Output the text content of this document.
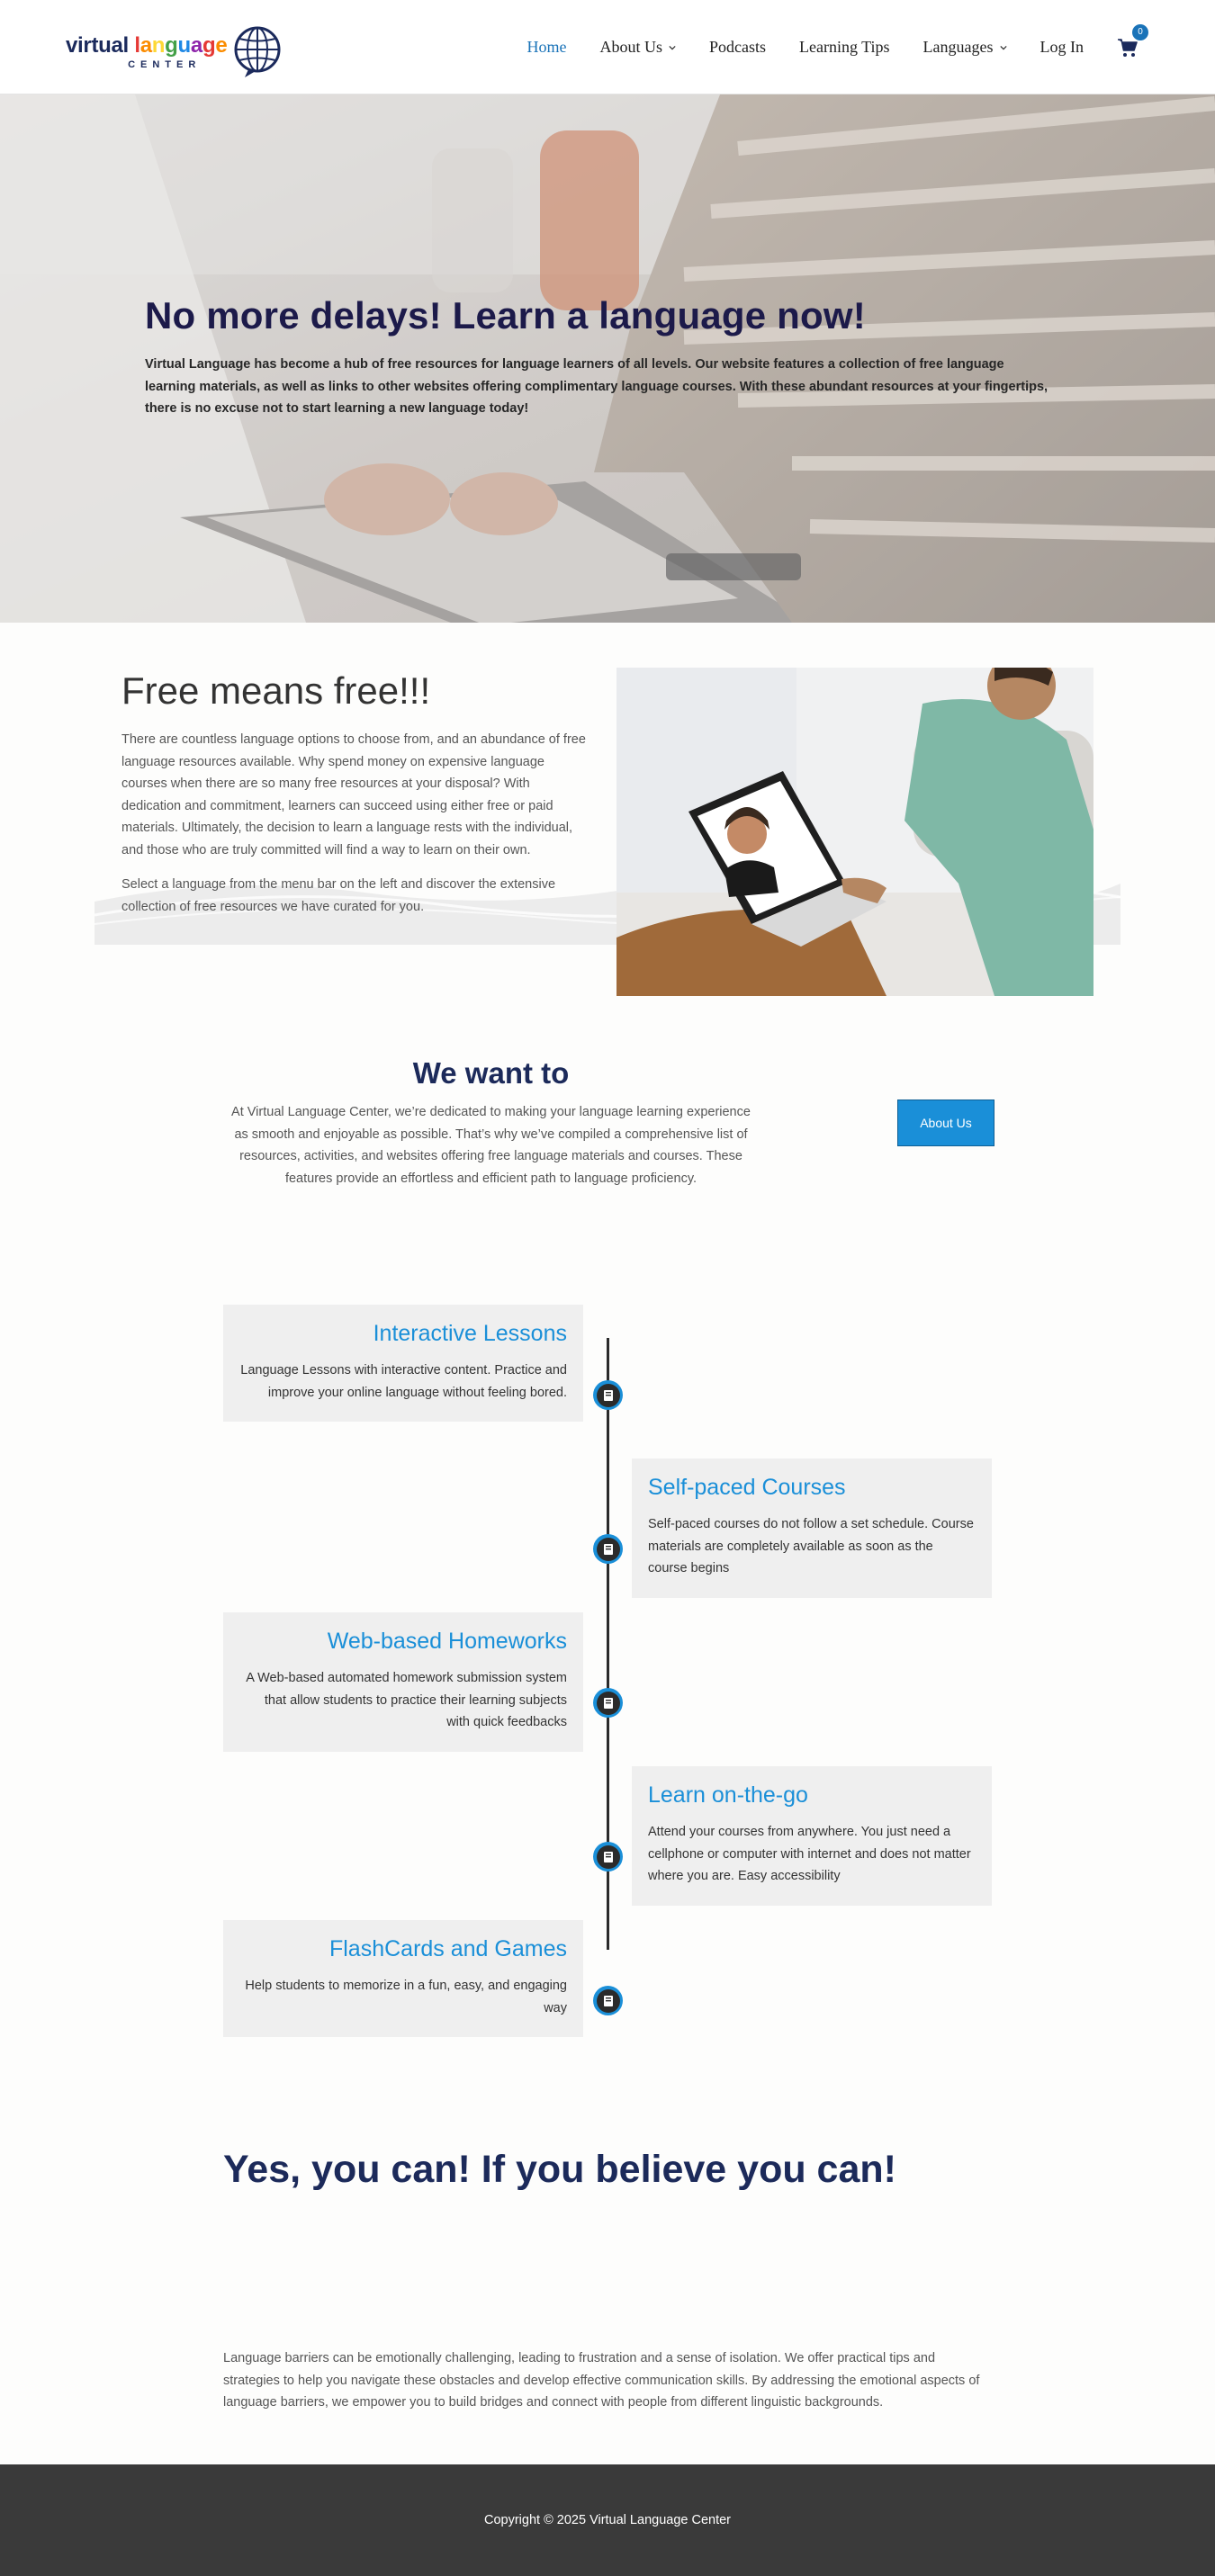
virtual language
CENTER
Home About Us	Podcasts Learning Tips Languages	Log In
0
No more delays! Learn a language now!

Virtual Language has become a hub of free resources for language learners of all levels. Our website features a collection of free language learning materials, as well as links to other websites offering complimentary language courses. With these abundant resources at your fingertips, there is no excuse not to start learning a new language today!

Free means free!!!

There are countless language options to choose from, and an abundance of free language resources available. Why spend money on expensive language courses when there are so many free resources at your disposal? With dedication and commitment, learners can succeed using either free or paid materials. Ultimately, the decision to learn a language rests with the individual, and those who are truly committed will find a way to learn on their own.

Select a language from the menu bar on the left and discover the extensive collection of free resources we have curated for you.

We want to

At Virtual Language Center, we’re dedicated to making your language learning experience as smooth and enjoyable as possible. That’s why we’ve compiled a comprehensive list of resources, activities, and websites offering free language materials and courses. These features provide an effortless and efficient path to language proficiency.

About Us
Interactive Lessons

Language Lessons with interactive content. Practice and improve your online language without feeling bored.

Self-paced Courses

Self-paced courses do not follow a set schedule. Course materials are completely available as soon as the course begins

Web-based Homeworks

A Web-based automated homework submission system that allow students to practice their learning subjects with quick feedbacks

Learn on-the-go

Attend your courses from anywhere. You just need a cellphone or computer with internet and does not matter where you are. Easy accessibility

FlashCards and Games

Help students to memorize in a fun, easy, and engaging way

Yes, you can! If you believe you can!

Language barriers can be emotionally challenging, leading to frustration and a sense of isolation. We offer practical tips and strategies to help you navigate these obstacles and develop effective communication skills. By addressing the emotional aspects of language barriers, we empower you to build bridges and connect with people from different linguistic backgrounds.

Copyright © 2025 Virtual Language Center
